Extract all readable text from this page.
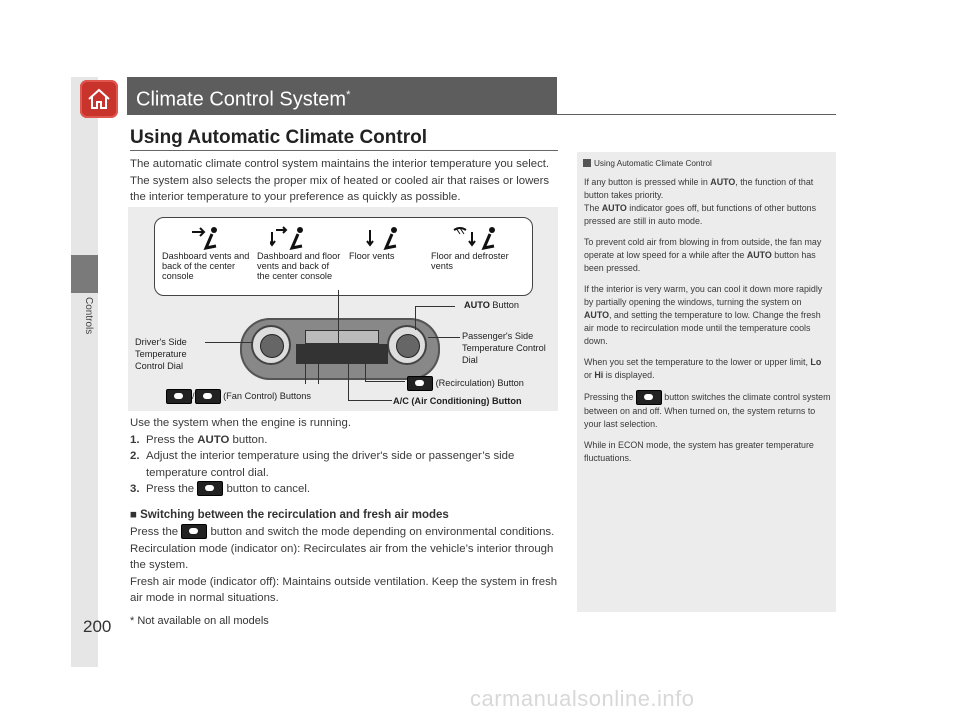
Controls
Climate Control System*
Using Automatic Climate Control
The automatic climate control system maintains the interior temperature you select. The system also selects the proper mix of heated or cooled air that raises or lowers the interior temperature to your preference as quickly as possible.
Dashboard vents and back of the center console
Dashboard and floor vents and back of the center console
Floor vents	Floor and defroster vents
AUTO Button
Driver's Side Temperature Control Dial
Passenger's Side Temperature Control Dial
(Recirculation) Button
/	(Fan Control) Buttons
A/C (Air Conditioning) Button
Use the system when the engine is running.
1. Press the AUTO button.
2. Adjust the interior temperature using the driver's side or passenger’s side temperature control dial.
3. Press the  button to cancel.
■ Switching between the recirculation and fresh air modes
Press the  button and switch the mode depending on environmental conditions.
Recirculation mode (indicator on): Recirculates air from the vehicle’s interior through the system.
Fresh air mode (indicator off): Maintains outside ventilation. Keep the system in fresh air mode in normal situations.
Using Automatic Climate Control

If any button is pressed while in AUTO, the function of that button takes priority.
The AUTO indicator goes off, but functions of other buttons pressed are still in auto mode.

To prevent cold air from blowing in from outside, the fan may operate at low speed for a while after the AUTO button has been pressed.

If the interior is very warm, you can cool it down more rapidly by partially opening the windows, turning the system on AUTO, and setting the temperature to low. Change the fresh air mode to recirculation mode until the temperature cools down.

When you set the temperature to the lower or upper limit, Lo or Hi is displayed.

Pressing the	button switches the climate control system between on and off. When turned on, the system returns to your last selection.

While in ECON mode, the system has greater temperature fluctuations.

200 * Not available on all models
carmanualsonline.info
